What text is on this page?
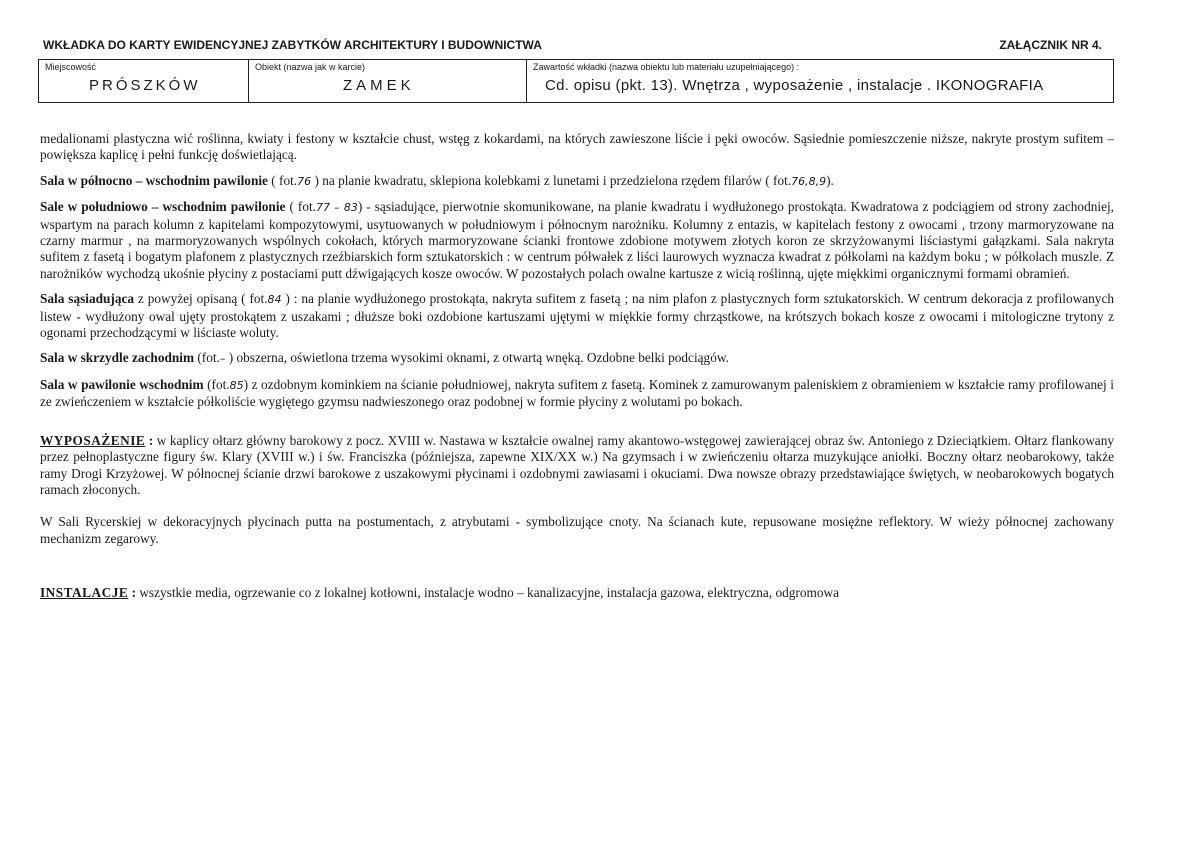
WKŁADKA DO KARTY EWIDENCYJNEJ ZABYTKÓW ARCHITEKTURY I BUDOWNICTWA	ZAŁĄCZNIK NR 4.
Miejscowość
PRÓSZKÓW
Obiekt (nazwa jak w karcie)
ZAMEK
Zawartość wkładki (nazwa obiektu lub materiału uzupełniającego) :
Cd. opisu (pkt. 13). Wnętrza , wyposażenie , instalacje . IKONOGRAFIA

medalionami plastyczna wić roślinna, kwiaty i festony w kształcie chust, wstęg z kokardami, na których zawieszone liście i pęki owoców. Sąsiednie pomieszczenie niższe, nakryte prostym sufitem – powiększa kaplicę i pełni funkcję doświetlającą.

Sala w północno – wschodnim pawilonie ( fot.76 ) na planie kwadratu, sklepiona kolebkami z lunetami i przedzielona rzędem filarów ( fot.76,8,9).

Sale w południowo – wschodnim pawilonie ( fot.77 – 83) - sąsiadujące, pierwotnie skomunikowane, na planie kwadratu i wydłużonego prostokąta. Kwadratowa z podciągiem od strony zachodniej, wspartym na parach kolumn z kapitelami kompozytowymi, usytuowanych w południowym i północnym narożniku. Kolumny z entazis, w kapitelach festony z owocami , trzony marmoryzowane na czarny marmur , na marmoryzowanych wspólnych cokołach, których marmoryzowane ścianki frontowe zdobione motywem złotych koron ze skrzyżowanymi liściastymi gałązkami. Sala nakryta sufitem z fasetą i bogatym plafonem z plastycznych rzeźbiarskich form sztukatorskich : w centrum półwałek z liści laurowych wyznacza kwadrat z półkolami na każdym boku ; w półkolach muszle. Z narożników wychodzą ukośnie płyciny z postaciami putt dźwigających kosze owoców. W pozostałych polach owalne kartusze z wicią roślinną, ujęte miękkimi organicznymi formami obramień.

Sala sąsiadująca z powyżej opisaną ( fot.84 ) : na planie wydłużonego prostokąta, nakryta sufitem z fasetą ; na nim plafon z plastycznych form sztukatorskich. W centrum dekoracja z profilowanych listew - wydłużony owal ujęty prostokątem z uszakami ; dłuższe boki ozdobione kartuszami ujętymi w miękkie formy chrząstkowe, na krótszych bokach kosze z owocami i mitologiczne trytony z ogonami przechodzącymi w liściaste woluty.

Sala w skrzydle zachodnim (fot.– ) obszerna, oświetlona trzema wysokimi oknami, z otwartą wnęką. Ozdobne belki podciągów.

Sala w pawilonie wschodnim (fot.85) z ozdobnym kominkiem na ścianie południowej, nakryta sufitem z fasetą. Kominek z zamurowanym paleniskiem z obramieniem w kształcie ramy profilowanej i ze zwieńczeniem w kształcie półkoliście wygiętego gzymsu nadwieszonego oraz podobnej w formie płyciny z wolutami po bokach.

WYPOSAŻENIE : w kaplicy ołtarz główny barokowy z pocz. XVIII w. Nastawa w kształcie owalnej ramy akantowo-wstęgowej zawierającej obraz św. Antoniego z Dzieciątkiem. Ołtarz flankowany przez pełnoplastyczne figury św. Klary (XVIII w.) i św. Franciszka (późniejsza, zapewne XIX/XX w.) Na gzymsach i w zwieńczeniu ołtarza muzykujące aniołki. Boczny ołtarz neobarokowy, także ramy Drogi Krzyżowej. W północnej ścianie drzwi barokowe z uszakowymi płycinami i ozdobnymi zawiasami i okuciami. Dwa nowsze obrazy przedstawiające świętych, w neobarokowych bogatych ramach złoconych.

W Sali Rycerskiej w dekoracyjnych płycinach putta na postumentach, z atrybutami - symbolizujące cnoty. Na ścianach kute, repusowane mosiężne reflektory. W wieży północnej zachowany mechanizm zegarowy.

INSTALACJE : wszystkie media, ogrzewanie co z lokalnej kotłowni, instalacje wodno – kanalizacyjne, instalacja gazowa, elektryczna, odgromowa
